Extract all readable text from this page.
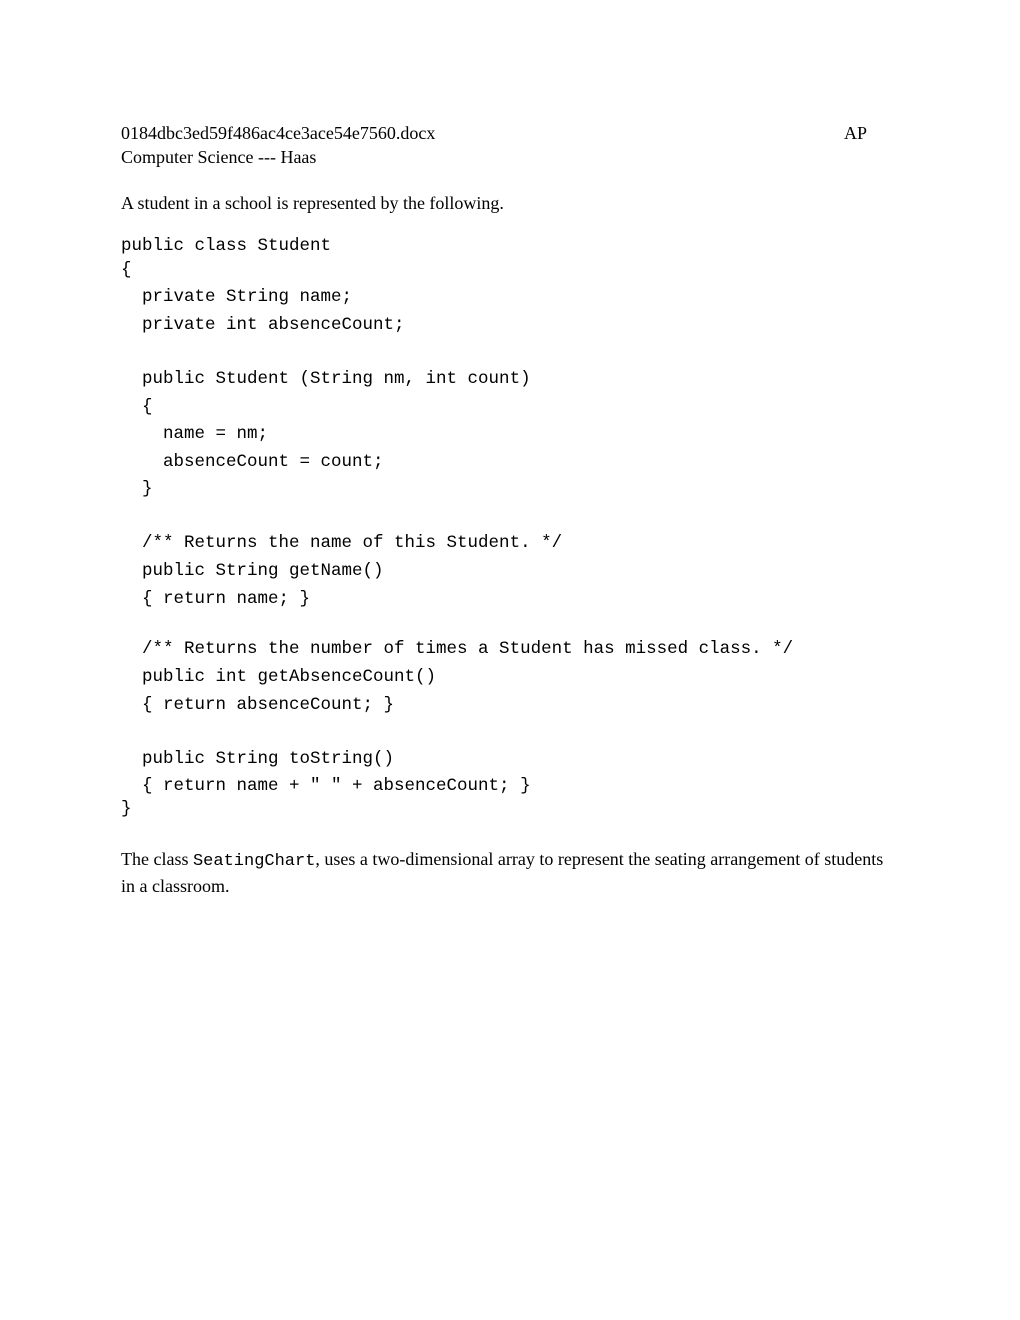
0184dbc3ed59f486ac4ce3ace54e7560.docx	AP
Computer Science --- Haas
A student in a school is represented by the following.

public class Student

{

private String name;

private int absenceCount;

public Student (String nm, int count)

{

name = nm;

absenceCount = count;

}

/** Returns the name of this Student. */

public String getName()

{ return name; }

/** Returns the number of times a Student has missed class. */

public int getAbsenceCount()

{ return absenceCount; }

public String toString()

{ return name + " " + absenceCount; }

}

The class SeatingChart, uses a two-dimensional array to represent the seating arrangement of students in a classroom.
